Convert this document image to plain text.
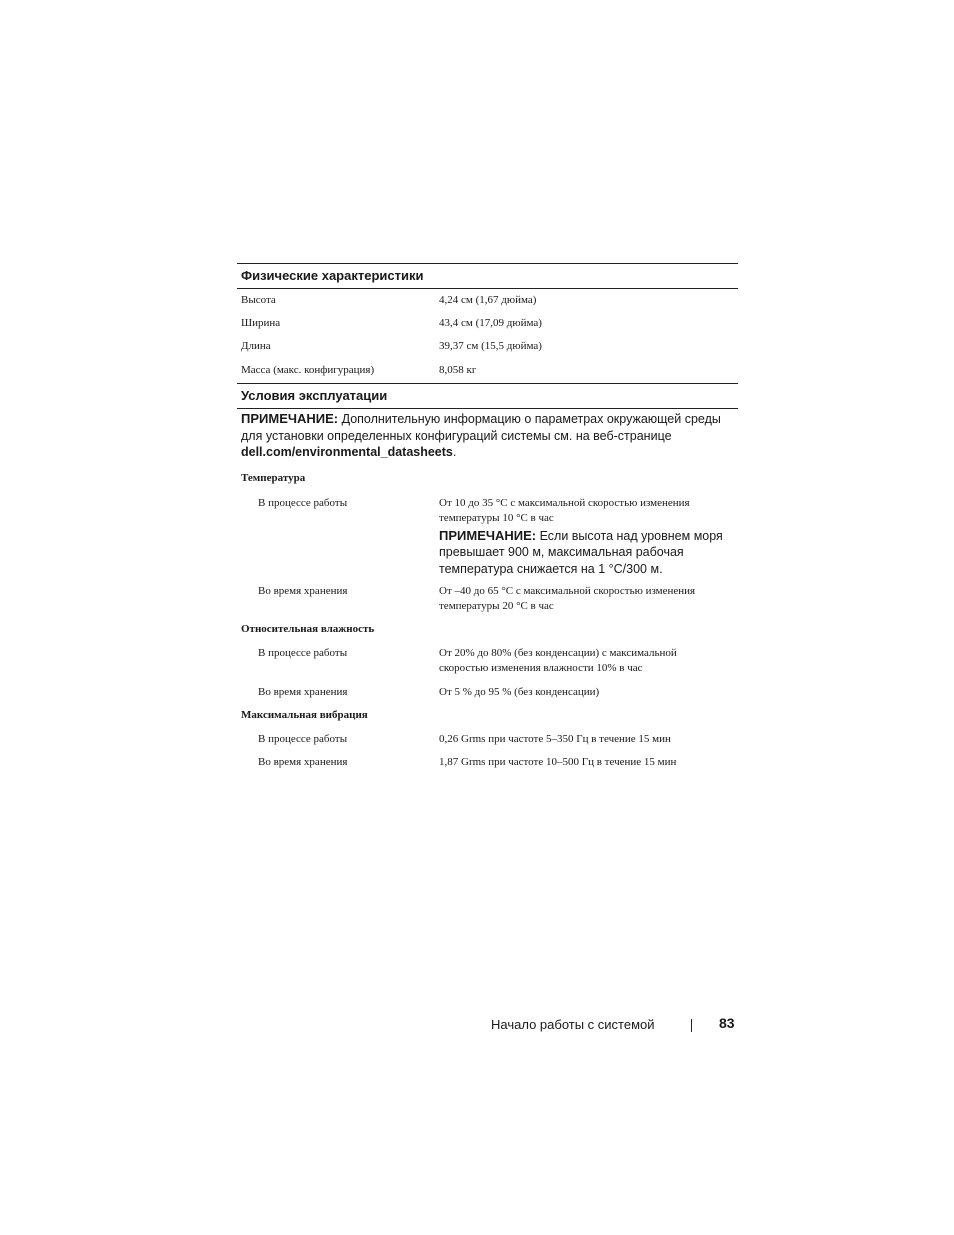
Физические характеристики
Высота	4,24 см (1,67 дюйма)
Ширина	43,4 см (17,09 дюйма)
Длина	39,37 см (15,5 дюйма)
Масса (макс. конфигурация)	8,058 кг
Условия эксплуатации
ПРИМЕЧАНИЕ: Дополнительную информацию о параметрах окружающей среды для установки определенных конфигураций системы см. на веб-странице dell.com/environmental_datasheets.
Температура
В процессе работы	От 10 до 35 °C с максимальной скоростью изменения температуры 10 °C в час
ПРИМЕЧАНИЕ: Если высота над уровнем моря превышает 900 м, максимальная рабочая температура снижается на 1 °C/300 м.
Во время хранения	От –40 до 65 °C с максимальной скоростью изменения температуры 20 °C в час
Относительная влажность
В процессе работы	От 20% до 80% (без конденсации) с максимальной скоростью изменения влажности 10% в час
Во время хранения	От 5 % до 95 % (без конденсации)
Максимальная вибрация
В процессе работы	0,26 Grms при частоте 5–350 Гц в течение 15 мин
Во время хранения	1,87 Grms при частоте 10–500 Гц в течение 15 мин
Начало работы с системой	83
